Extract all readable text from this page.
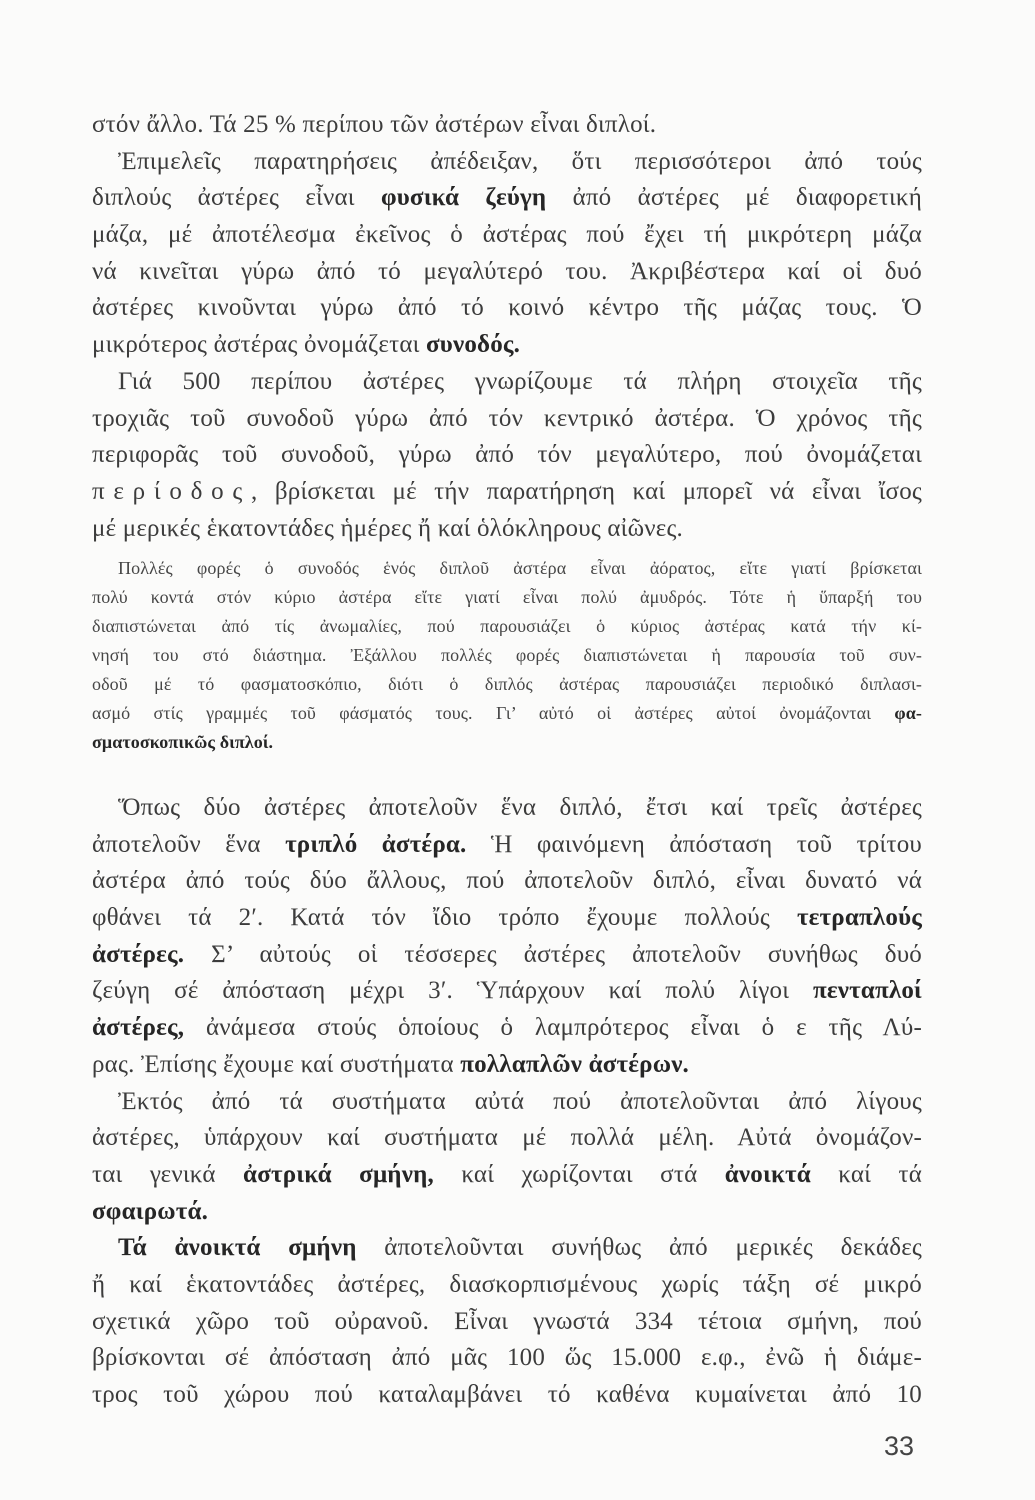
στόν ἄλλο. Τά 25 % περίπου τῶν ἀστέρων εἶναι διπλοί.
Ἐπιμελεῖς παρατηρήσεις ἀπέδειξαν, ὅτι περισσότεροι ἀπό τούς
διπλούς ἀστέρες εἶναι φυσικά ζεύγη ἀπό ἀστέρες μέ διαφορετική
μάζα, μέ ἀποτέλεσμα ἐκεῖνος ὁ ἀστέρας πού ἔχει τή μικρότερη μάζα
νά κινεῖται γύρω ἀπό τό μεγαλύτερό του. Ἀκριβέστερα καί οἱ δυό
ἀστέρες κινοῦνται γύρω ἀπό τό κοινό κέντρο τῆς μάζας τους. Ὁ
μικρότερος ἀστέρας ὀνομάζεται συνοδός.
Γιά 500 περίπου ἀστέρες γνωρίζουμε τά πλήρη στοιχεῖα τῆς
τροχιᾶς τοῦ συνοδοῦ γύρω ἀπό τόν κεντρικό ἀστέρα. Ὁ χρόνος τῆς
περιφορᾶς τοῦ συνοδοῦ, γύρω ἀπό τόν μεγαλύτερο, πού ὀνομάζεται
περίοδος, βρίσκεται μέ τήν παρατήρηση καί μπορεῖ νά εἶναι ἴσος
μέ μερικές ἑκατοντάδες ἡμέρες ἤ καί ὁλόκληρους αἰῶνες.
Πολλές φορές ὁ συνοδός ἑνός διπλοῦ ἀστέρα εἶναι ἀόρατος, εἴτε γιατί βρίσκεται
πολύ κοντά στόν κύριο ἀστέρα εἴτε γιατί εἶναι πολύ ἀμυδρός. Τότε ἡ ὕπαρξή του
διαπιστώνεται ἀπό τίς ἀνωμαλίες, πού παρουσιάζει ὁ κύριος ἀστέρας κατά τήν κί-
νησή του στό διάστημα. Ἐξάλλου πολλές φορές διαπιστώνεται ἡ παρουσία τοῦ συν-
οδοῦ μέ τό φασματοσκόπιο, διότι ὁ διπλός ἀστέρας παρουσιάζει περιοδικό διπλασι-
ασμό στίς γραμμές τοῦ φάσματός τους. Γι’ αὐτό οἱ ἀστέρες αὐτοί ὀνομάζονται φα-
σματοσκοπικῶς διπλοί.
Ὅπως δύο ἀστέρες ἀποτελοῦν ἕνα διπλό, ἔτσι καί τρεῖς ἀστέρες
ἀποτελοῦν ἕνα τριπλό ἀστέρα. Ἡ φαινόμενη ἀπόσταση τοῦ τρίτου
ἀστέρα ἀπό τούς δύο ἄλλους, πού ἀποτελοῦν διπλό, εἶναι δυνατό νά
φθάνει τά 2′. Κατά τόν ἴδιο τρόπο ἔχουμε πολλούς τετραπλούς
ἀστέρες. Σ’ αὐτούς οἱ τέσσερες ἀστέρες ἀποτελοῦν συνήθως δυό
ζεύγη σέ ἀπόσταση μέχρι 3′. Ὑπάρχουν καί πολύ λίγοι πενταπλοί
ἀστέρες, ἀνάμεσα στούς ὁποίους ὁ λαμπρότερος εἶναι ὁ ε τῆς Λύ-
ρας. Ἐπίσης ἔχουμε καί συστήματα πολλαπλῶν ἀστέρων.
Ἐκτός ἀπό τά συστήματα αὐτά πού ἀποτελοῦνται ἀπό λίγους
ἀστέρες, ὑπάρχουν καί συστήματα μέ πολλά μέλη. Αὐτά ὀνομάζον-
ται γενικά ἀστρικά σμήνη, καί χωρίζονται στά ἀνοικτά καί τά
σφαιρωτά.
Τά ἀνοικτά σμήνη ἀποτελοῦνται συνήθως ἀπό μερικές δεκάδες
ἤ καί ἑκατοντάδες ἀστέρες, διασκορπισμένους χωρίς τάξη σέ μικρό
σχετικά χῶρο τοῦ οὐρανοῦ. Εἶναι γνωστά 334 τέτοια σμήνη, πού
βρίσκονται σέ ἀπόσταση ἀπό μᾶς 100 ὥς 15.000 ε.φ., ἐνῶ ἡ διάμε-
τρος τοῦ χώρου πού καταλαμβάνει τό καθένα κυμαίνεται ἀπό 10
33
